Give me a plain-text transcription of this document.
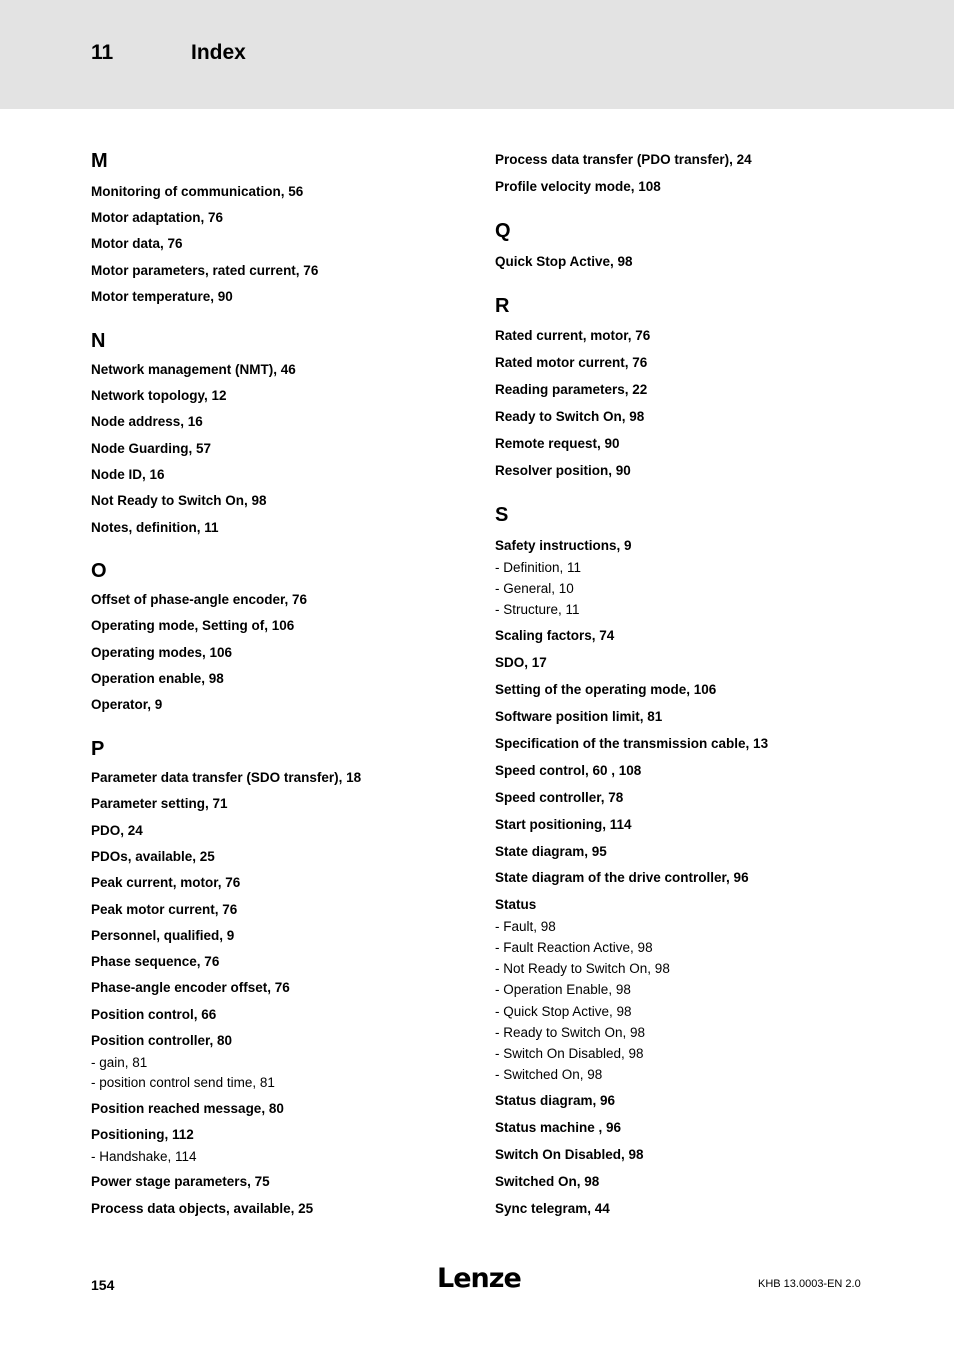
11	Index
M
Monitoring of communication, 56
Motor adaptation, 76
Motor data, 76
Motor parameters, rated current, 76
Motor temperature, 90
N
Network management (NMT), 46
Network topology, 12
Node address, 16
Node Guarding, 57
Node ID, 16
Not Ready to Switch On, 98
Notes, definition, 11
O
Offset of phase-angle encoder, 76
Operating mode, Setting of, 106
Operating modes, 106
Operation enable, 98
Operator, 9
P
Parameter data transfer (SDO transfer), 18
Parameter setting, 71
PDO, 24
PDOs, available, 25
Peak current, motor, 76
Peak motor current, 76
Personnel, qualified, 9
Phase sequence, 76
Phase-angle encoder offset, 76
Position control, 66
Position controller, 80
- gain, 81
- position control send time, 81
Position reached message, 80
Positioning, 112
- Handshake, 114
Power stage parameters, 75
Process data objects, available, 25
Process data transfer (PDO transfer), 24
Profile velocity mode, 108
Q
Quick Stop Active, 98
R
Rated current, motor, 76
Rated motor current, 76
Reading parameters, 22
Ready to Switch On, 98
Remote request, 90
Resolver position, 90
S
Safety instructions, 9
- Definition, 11
- General, 10
- Structure, 11
Scaling factors, 74
SDO, 17
Setting of the operating mode, 106
Software position limit, 81
Specification of the transmission cable, 13
Speed control, 60 , 108
Speed controller, 78
Start positioning, 114
State diagram, 95
State diagram of the drive controller, 96
Status
- Fault, 98
- Fault Reaction Active, 98
- Not Ready to Switch On, 98
- Operation Enable, 98
- Quick Stop Active, 98
- Ready to Switch On, 98
- Switch On Disabled, 98
- Switched On, 98
Status diagram, 96
Status machine , 96
Switch On Disabled, 98
Switched On, 98
Sync telegram, 44
154	Lenze	KHB 13.0003-EN 2.0
